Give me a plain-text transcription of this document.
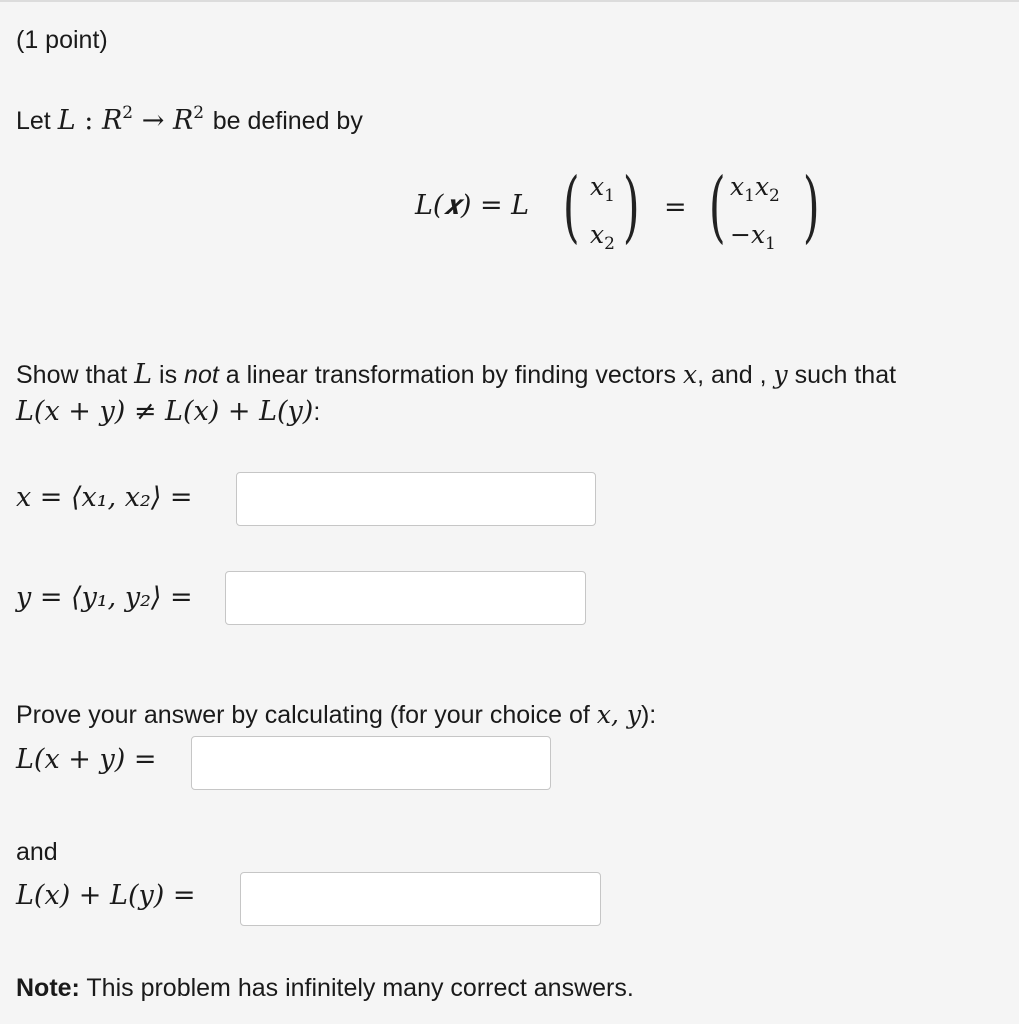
(1 point)
Let L : $R^2 \to R^2$ be defined by
L(𝒙) = L ( $x_1$
$x_2$ ) = ( $x_1x_2$
$-x_1$ )
Show that L is not a linear transformation by finding vectors x, and , y such that
L(x + y) ≠ L(x) + L(y):
x = ⟨x₁, x₂⟩ =
y = ⟨y₁, y₂⟩ =
Prove your answer by calculating (for your choice of x, y):
L(x + y) =
and
L(x) + L(y) =
Note: This problem has infinitely many correct answers.
